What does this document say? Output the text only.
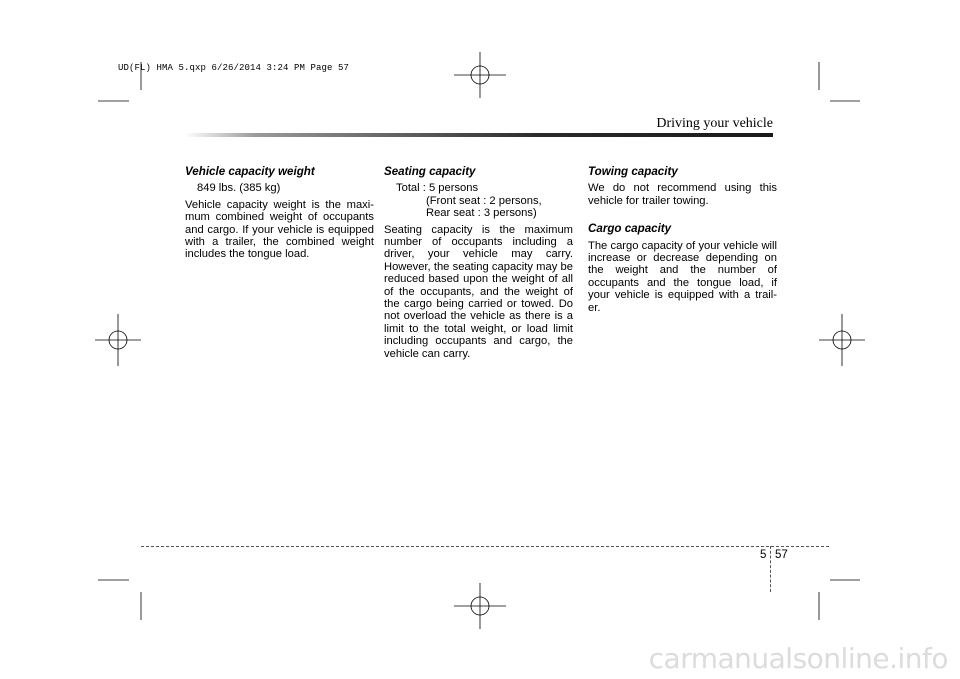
UD(FL) HMA 5.qxp 6/26/2014 3:24 PM Page 57
Driving your vehicle
Vehicle capacity weight
849 lbs. (385 kg)
Vehicle capacity weight is the maxi-mum combined weight of occupants and cargo. If your vehicle is equipped with a trailer, the combined weight includes the tongue load.
Seating capacity
Total : 5 persons
(Front seat : 2 persons,
Rear seat : 3 persons)
Seating capacity is the maximum number of occupants including a driver, your vehicle may carry. However, the seating capacity may be reduced based upon the weight of all of the occupants, and the weight of the cargo being carried or towed. Do not overload the vehicle as there is a limit to the total weight, or load limit including occupants and cargo, the vehicle can carry.
Towing capacity
We do not recommend using this vehicle for trailer towing.
Cargo capacity
The cargo capacity of your vehicle will increase or decrease depending on the weight and the number of occupants and the tongue load, if your vehicle is equipped with a trail-er.
5 57
carmanualsonline.info
